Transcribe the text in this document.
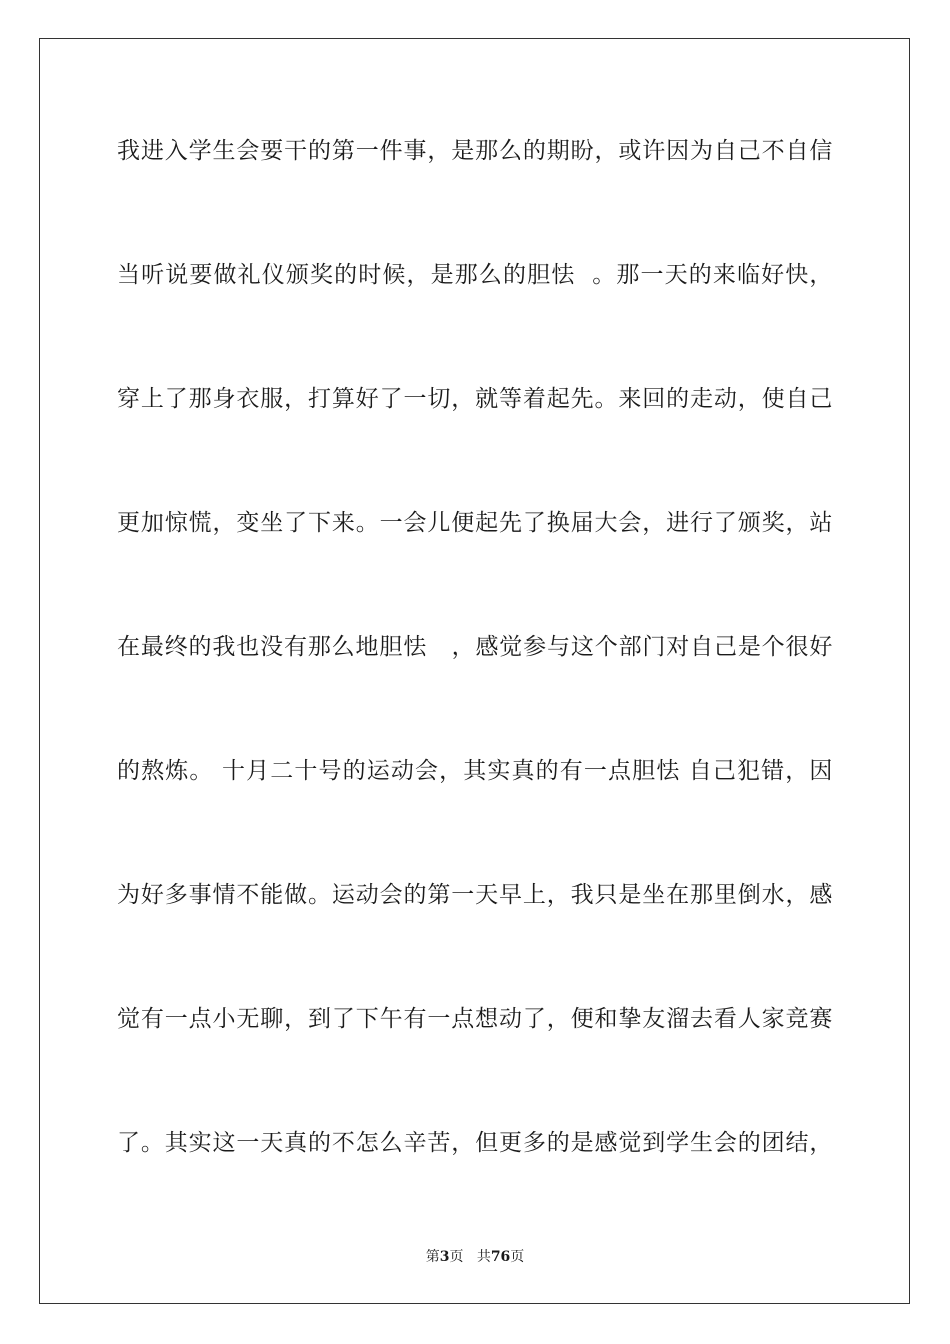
我进入学生会要干的第一件事，是那么的期盼，或许因为自己不自信
当听说要做礼仪颁奖的时候，是那么的胆怯  。那一天的来临好快，
穿上了那身衣服，打算好了一切，就等着起先。来回的走动，使自己
更加惊慌，变坐了下来。一会儿便起先了换届大会，进行了颁奖，站
在最终的我也没有那么地胆怯   ，感觉参与这个部门对自己是个很好
的熬炼。 十月二十号的运动会，其实真的有一点胆怯 自己犯错，因
为好多事情不能做。运动会的第一天早上，我只是坐在那里倒水，感
觉有一点小无聊，到了下午有一点想动了，便和挚友溜去看人家竞赛
了。其实这一天真的不怎么辛苦，但更多的是感觉到学生会的团结，
第3页 共76页
